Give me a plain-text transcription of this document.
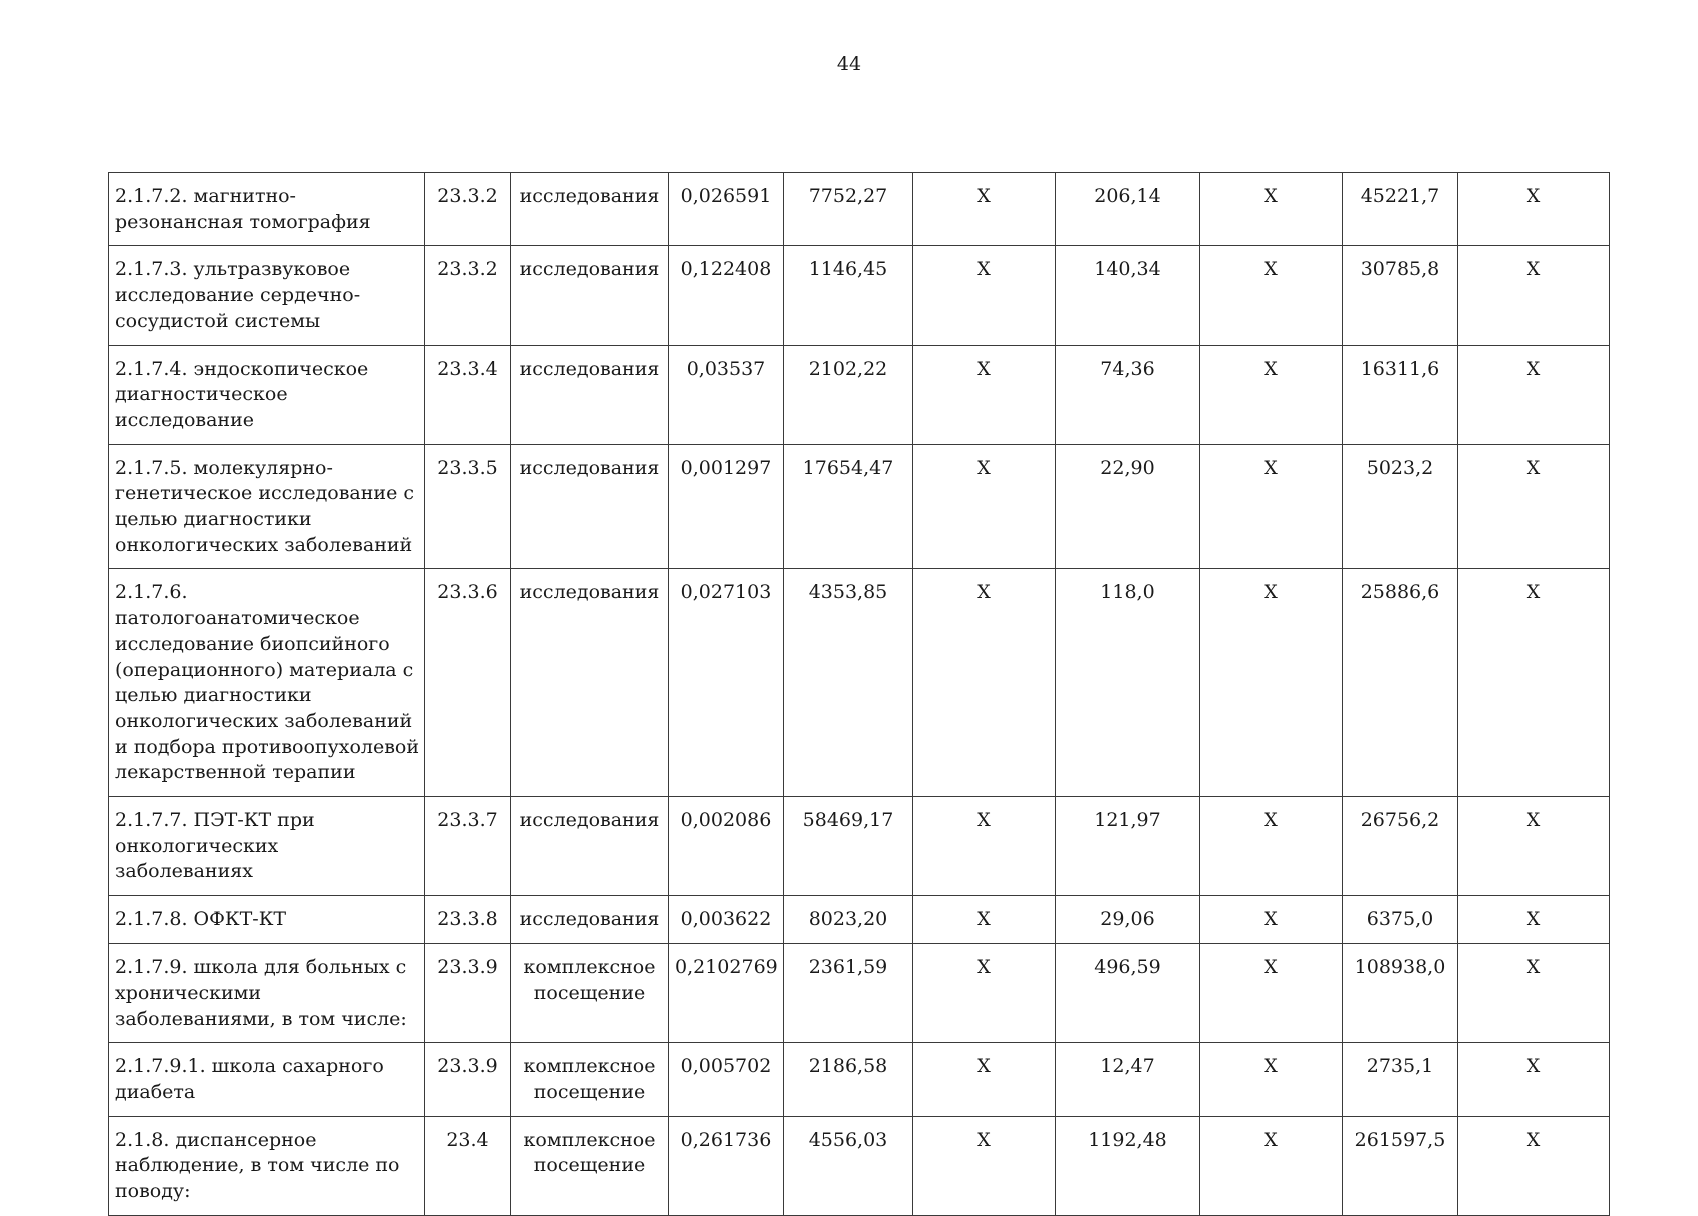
44
2.1.7.2. магнитно-резонансная томография	23.3.2	исследования	0,026591	7752,27	Х	206,14	Х	45221,7	Х
2.1.7.3. ультразвуковое исследование сердечно-сосудистой системы	23.3.2	исследования	0,122408	1146,45	Х	140,34	Х	30785,8	Х
2.1.7.4. эндоскопическое диагностическое исследование	23.3.4	исследования	0,03537	2102,22	Х	74,36	Х	16311,6	Х
2.1.7.5. молекулярно-генетическое исследование с целью диагностики онкологических заболеваний	23.3.5	исследования	0,001297	17654,47	Х	22,90	Х	5023,2	Х
2.1.7.6. патологоанатомическое исследование биопсийного (операционного) материала с целью диагностики онкологических заболеваний и подбора противоопухолевой лекарственной терапии	23.3.6	исследования	0,027103	4353,85	Х	118,0	Х	25886,6	Х
2.1.7.7. ПЭТ-КТ при онкологических заболеваниях	23.3.7	исследования	0,002086	58469,17	Х	121,97	Х	26756,2	Х
2.1.7.8. ОФКТ-КТ	23.3.8	исследования	0,003622	8023,20	Х	29,06	Х	6375,0	Х
2.1.7.9. школа для больных с хроническими заболеваниями, в том числе:	23.3.9	комплексное посещение	0,2102769	2361,59	Х	496,59	Х	108938,0	Х
2.1.7.9.1. школа сахарного диабета	23.3.9	комплексное посещение	0,005702	2186,58	Х	12,47	Х	2735,1	Х
2.1.8. диспансерное наблюдение, в том числе по поводу:	23.4	комплексное посещение	0,261736	4556,03	Х	1192,48	Х	261597,5	Х
